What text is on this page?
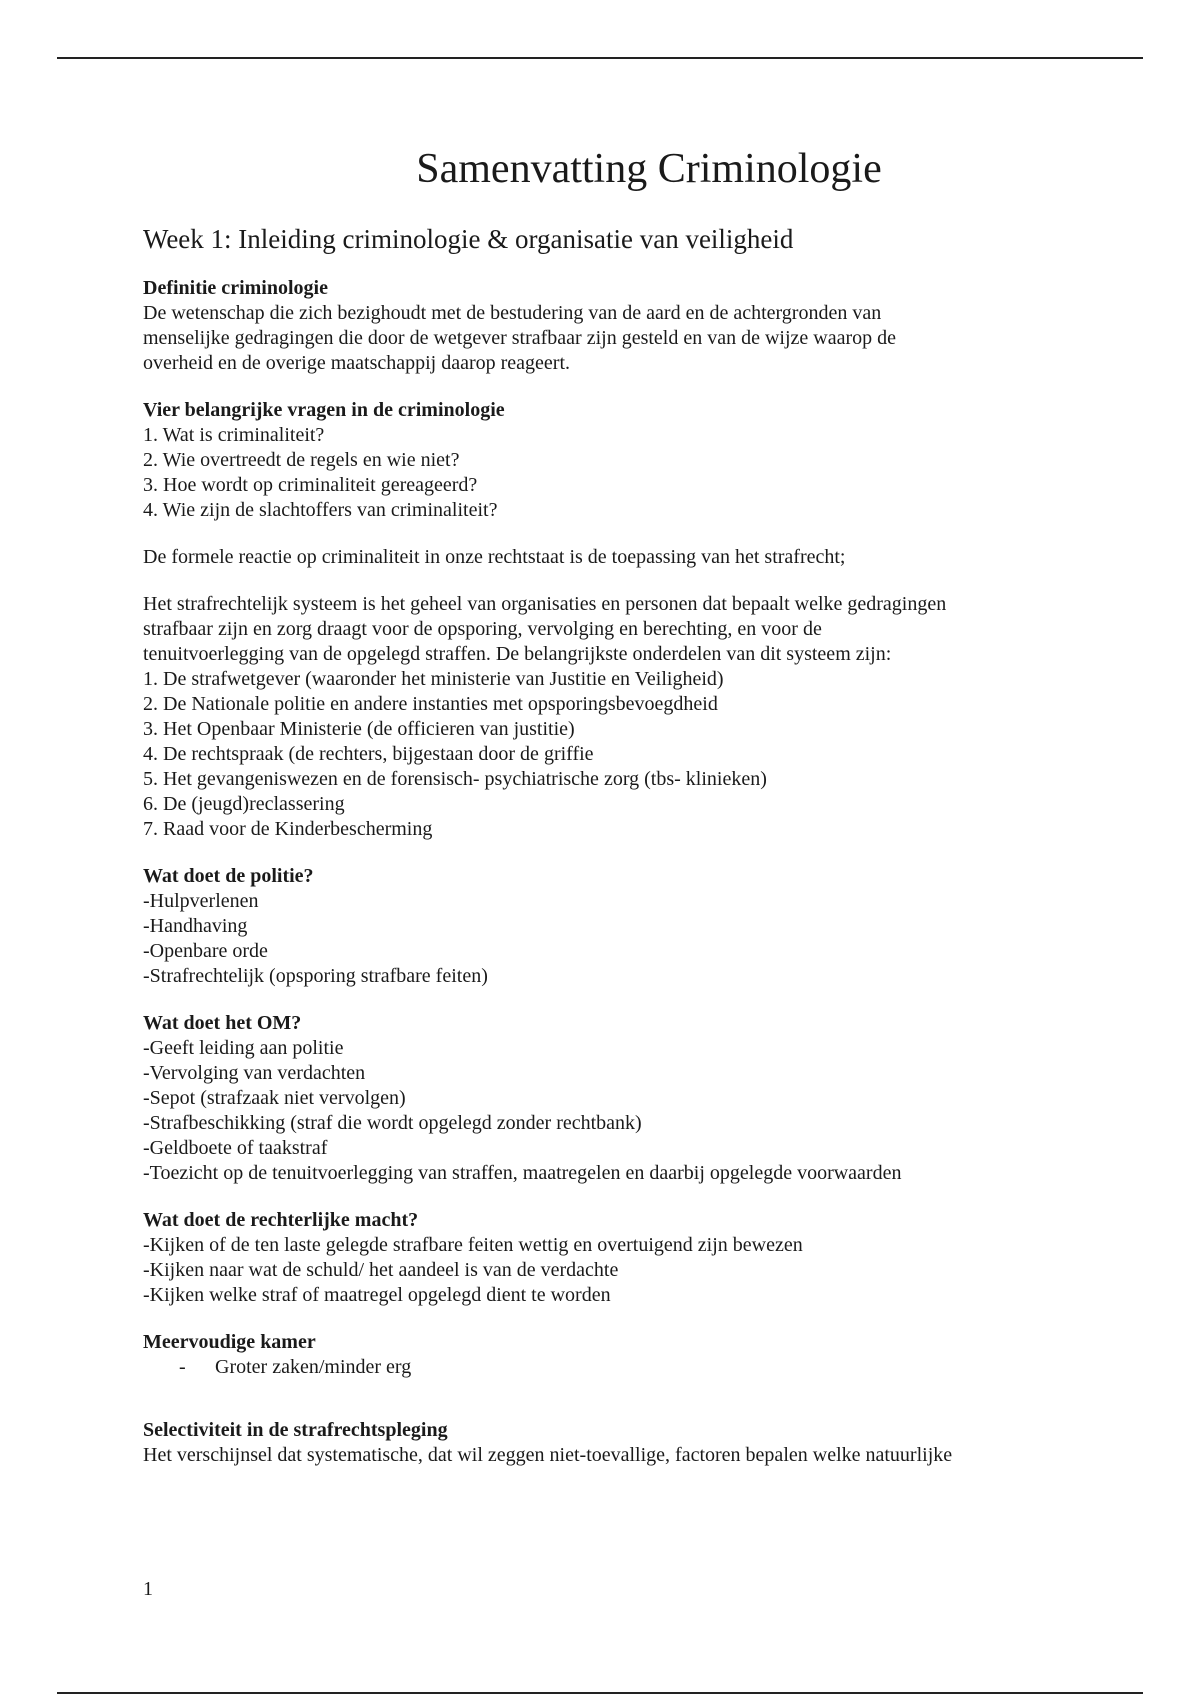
Samenvatting Criminologie
Week 1: Inleiding criminologie & organisatie van veiligheid

Definitie criminologie

De wetenschap die zich bezighoudt met de bestudering van de aard en de achtergronden van

menselijke gedragingen die door de wetgever strafbaar zijn gesteld en van de wijze waarop de

overheid en de overige maatschappij daarop reageert.

Vier belangrijke vragen in de criminologie

1. Wat is criminaliteit?

2. Wie overtreedt de regels en wie niet?

3. Hoe wordt op criminaliteit gereageerd?

4. Wie zijn de slachtoffers van criminaliteit?

De formele reactie op criminaliteit in onze rechtstaat is de toepassing van het strafrecht;

Het strafrechtelijk systeem is het geheel van organisaties en personen dat bepaalt welke gedragingen

strafbaar zijn en zorg draagt voor de opsporing, vervolging en berechting, en voor de

tenuitvoerlegging van de opgelegd straffen. De belangrijkste onderdelen van dit systeem zijn:

1. De strafwetgever (waaronder het ministerie van Justitie en Veiligheid)

2. De Nationale politie en andere instanties met opsporingsbevoegdheid

3. Het Openbaar Ministerie (de officieren van justitie)

4. De rechtspraak (de rechters, bijgestaan door de griffie

5. Het gevangeniswezen en de forensisch- psychiatrische zorg (tbs- klinieken)

6. De (jeugd)reclassering

7. Raad voor de Kinderbescherming

Wat doet de politie?

-Hulpverlenen

-Handhaving

-Openbare orde

-Strafrechtelijk (opsporing strafbare feiten)

Wat doet het OM?

-Geeft leiding aan politie

-Vervolging van verdachten

-Sepot (strafzaak niet vervolgen)

-Strafbeschikking (straf die wordt opgelegd zonder rechtbank)

-Geldboete of taakstraf

-Toezicht op de tenuitvoerlegging van straffen, maatregelen en daarbij opgelegde voorwaarden

Wat doet de rechterlijke macht?

-Kijken of de ten laste gelegde strafbare feiten wettig en overtuigend zijn bewezen

-Kijken naar wat de schuld/ het aandeel is van de verdachte

-Kijken welke straf of maatregel opgelegd dient te worden

Meervoudige kamer

-	Groter zaken/minder erg

Selectiviteit in de strafrechtspleging

Het verschijnsel dat systematische, dat wil zeggen niet-toevallige, factoren bepalen welke natuurlijke

1
